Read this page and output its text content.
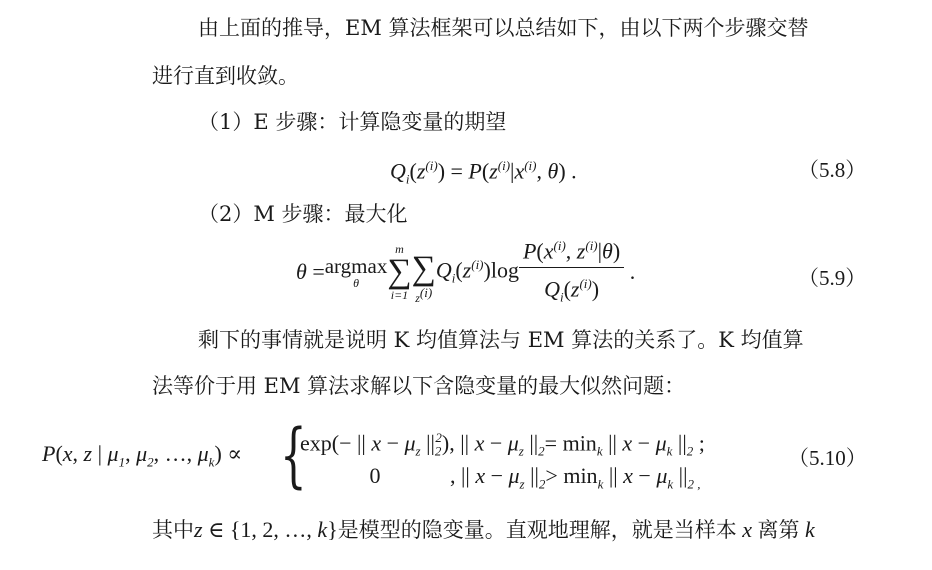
由上面的推导，EM 算法框架可以总结如下，由以下两个步骤交替
进行直到收敛。
（1）E 步骤：计算隐变量的期望
$Q_i(z^{(i)}) = P(z^{(i)}|x^{(i)}$, θ) .	（5.8）
（2）M 步骤：最大化
θ = argmax
θ
m
∑
i=1

∑
$z^{(i)}$
$Q_i(z^{(i)})\log \frac{P(x^{(i)}, z^{(i)}|\theta)}{Q_i(z^{(i)})}$ .	（5.9）
剩下的事情就是说明 K 均值算法与 EM 算法的关系了。K 均值算
法等价于用 EM 算法求解以下含隐变量的最大似然问题：
P(x, z | $\mu_1$, $\mu_2$, …, $\mu_k$) ∝ {
exp(− || $x - \mu_z$ $||_2^2$), || $x - \mu_z$ $||_2= \min_k$ || $x - \mu_k$ $||_2$ ;
0	, || $x - \mu_z$ $||_2> \min_k$ || $x - \mu_k$ $||_{2 ,}$
（5.10）
其中z ∈ {1, 2, …, k}是模型的隐变量。直观地理解，就是当样本 x 离第 k
